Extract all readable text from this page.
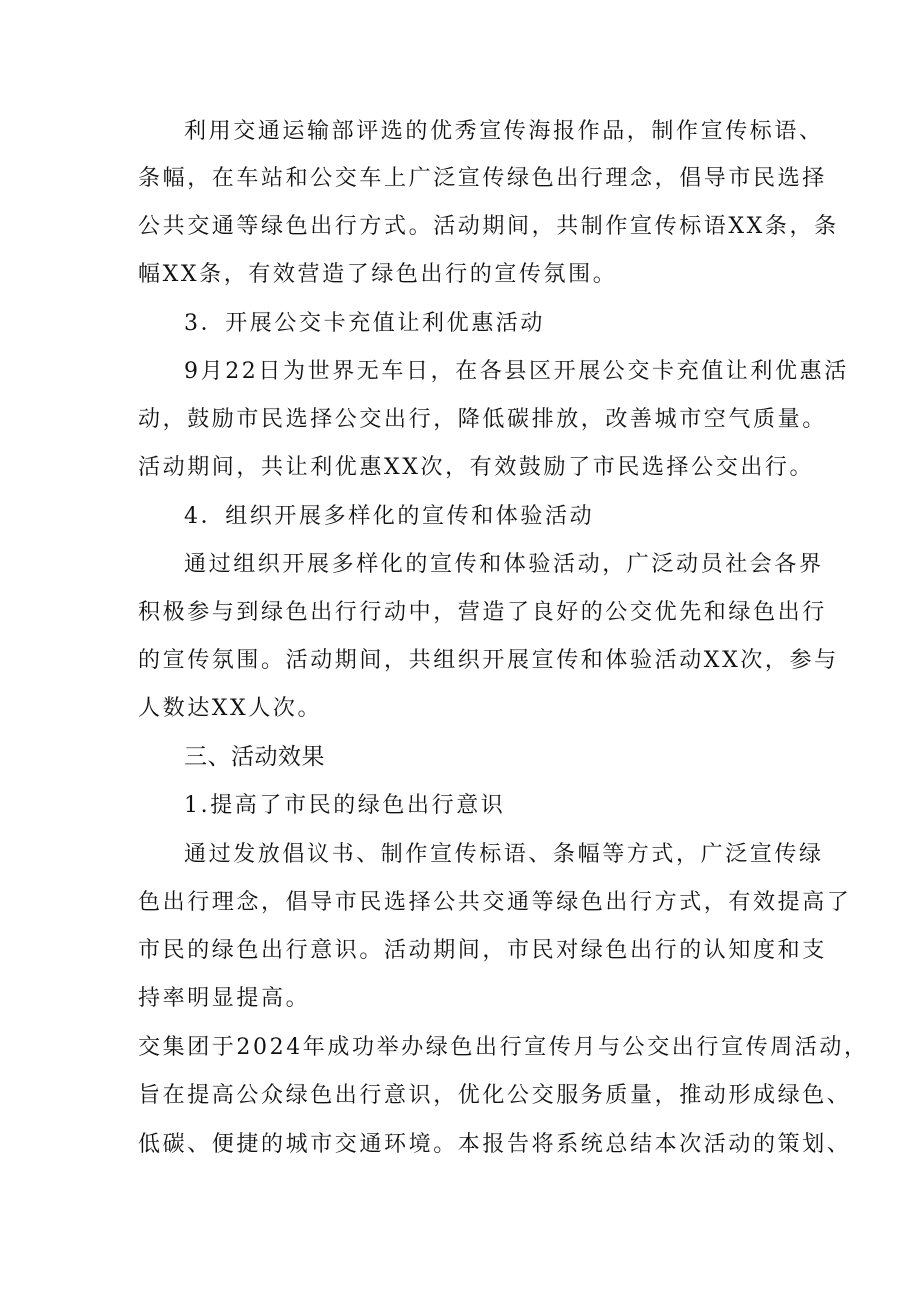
利用交通运输部评选的优秀宣传海报作品，制作宣传标语、
条幅，在车站和公交车上广泛宣传绿色出行理念，倡导市民选择
公共交通等绿色出行方式。活动期间，共制作宣传标语XX条，条
幅XX条，有效营造了绿色出行的宣传氛围。
3．开展公交卡充值让利优惠活动
9月22日为世界无车日，在各县区开展公交卡充值让利优惠活
动，鼓励市民选择公交出行，降低碳排放，改善城市空气质量。
活动期间，共让利优惠XX次，有效鼓励了市民选择公交出行。
4．组织开展多样化的宣传和体验活动
通过组织开展多样化的宣传和体验活动，广泛动员社会各界
积极参与到绿色出行行动中，营造了良好的公交优先和绿色出行
的宣传氛围。活动期间，共组织开展宣传和体验活动XX次，参与
人数达XX人次。
三、活动效果
1.提高了市民的绿色出行意识
通过发放倡议书、制作宣传标语、条幅等方式，广泛宣传绿
色出行理念，倡导市民选择公共交通等绿色出行方式，有效提高了
市民的绿色出行意识。活动期间，市民对绿色出行的认知度和支
持率明显提高。
交集团于2024年成功举办绿色出行宣传月与公交出行宣传周活动，
旨在提高公众绿色出行意识，优化公交服务质量，推动形成绿色、
低碳、便捷的城市交通环境。本报告将系统总结本次活动的策划、
